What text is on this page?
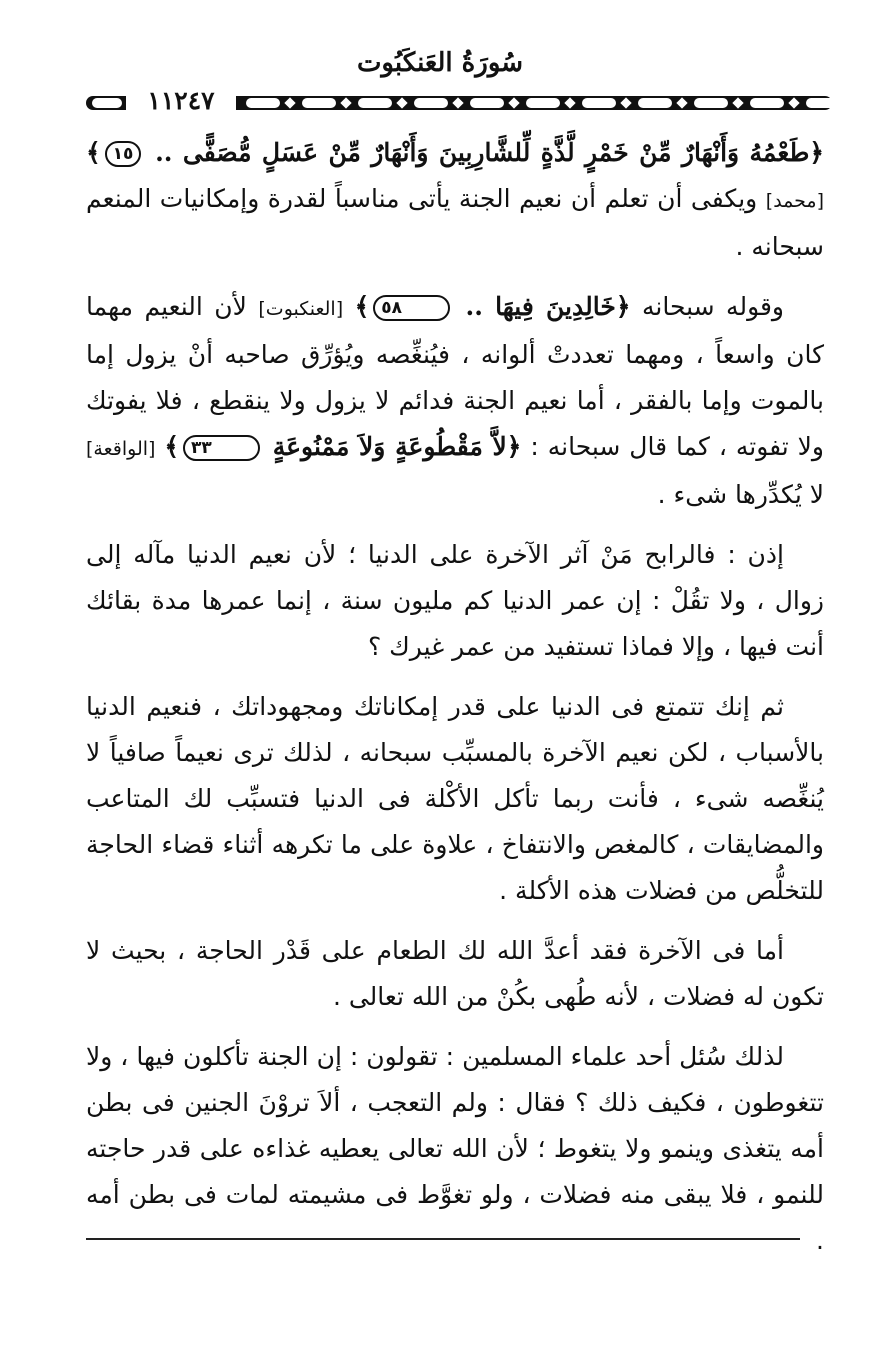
سُورَةُ العَنكَبُوت
١١٢٤٧

﴿طَعْمُهُ وَأَنْهَارٌ مِّنْ خَمْرٍ لَّذَّةٍ لِّلشَّارِبِينَ وَأَنْهَارٌ مِّنْ عَسَلٍ مُّصَفًّى .. ١٥﴾ [محمد] ويكفى أن تعلم أن نعيم الجنة يأتى مناسباً لقدرة وإمكانيات المنعم سبحانه .

وقوله سبحانه ﴿خَالِدِينَ فِيهَا .. ٥٨﴾ [العنكبوت] لأن النعيم مهما كان واسعاً ، ومهما تعددتْ ألوانه ، فيُنغِّصه ويُؤرِّق صاحبه أنْ يزول إما بالموت وإما بالفقر ، أما نعيم الجنة فدائم لا يزول ولا ينقطع ، فلا يفوتك ولا تفوته ، كما قال سبحانه : ﴿لاَّ مَقْطُوعَةٍ وَلاَ مَمْنُوعَةٍ ٣٣﴾ [الواقعة] لا يُكدِّرها شىء .

إذن : فالرابح مَنْ آثر الآخرة على الدنيا ؛ لأن نعيم الدنيا مآله إلى زوال ، ولا تقُلْ : إن عمر الدنيا كم مليون سنة ، إنما عمرها مدة بقائك أنت فيها ، وإلا فماذا تستفيد من عمر غيرك ؟

ثم إنك تتمتع فى الدنيا على قدر إمكاناتك ومجهوداتك ، فنعيم الدنيا بالأسباب ، لكن نعيم الآخرة بالمسبِّب سبحانه ، لذلك ترى نعيماً صافياً لا يُنغِّصه شىء ، فأنت ربما تأكل الأكْلة فى الدنيا فتسبِّب لك المتاعب والمضايقات ، كالمغص والانتفاخ ، علاوة على ما تكرهه أثناء قضاء الحاجة للتخلُّص من فضلات هذه الأكلة .

أما فى الآخرة فقد أعدَّ الله لك الطعام على قَدْر الحاجة ، بحيث لا تكون له فضلات ، لأنه طُهى بكُنْ من الله تعالى .

لذلك سُئل أحد علماء المسلمين : تقولون : إن الجنة تأكلون فيها ، ولا تتغوطون ، فكيف ذلك ؟ فقال : ولم التعجب ، ألاَ تروْنَ الجنين فى بطن أمه يتغذى وينمو ولا يتغوط ؛ لأن الله تعالى يعطيه غذاءه على قدر حاجته للنمو ، فلا يبقى منه فضلات ، ولو تغوَّط فى مشيمته لمات فى بطن أمه .
